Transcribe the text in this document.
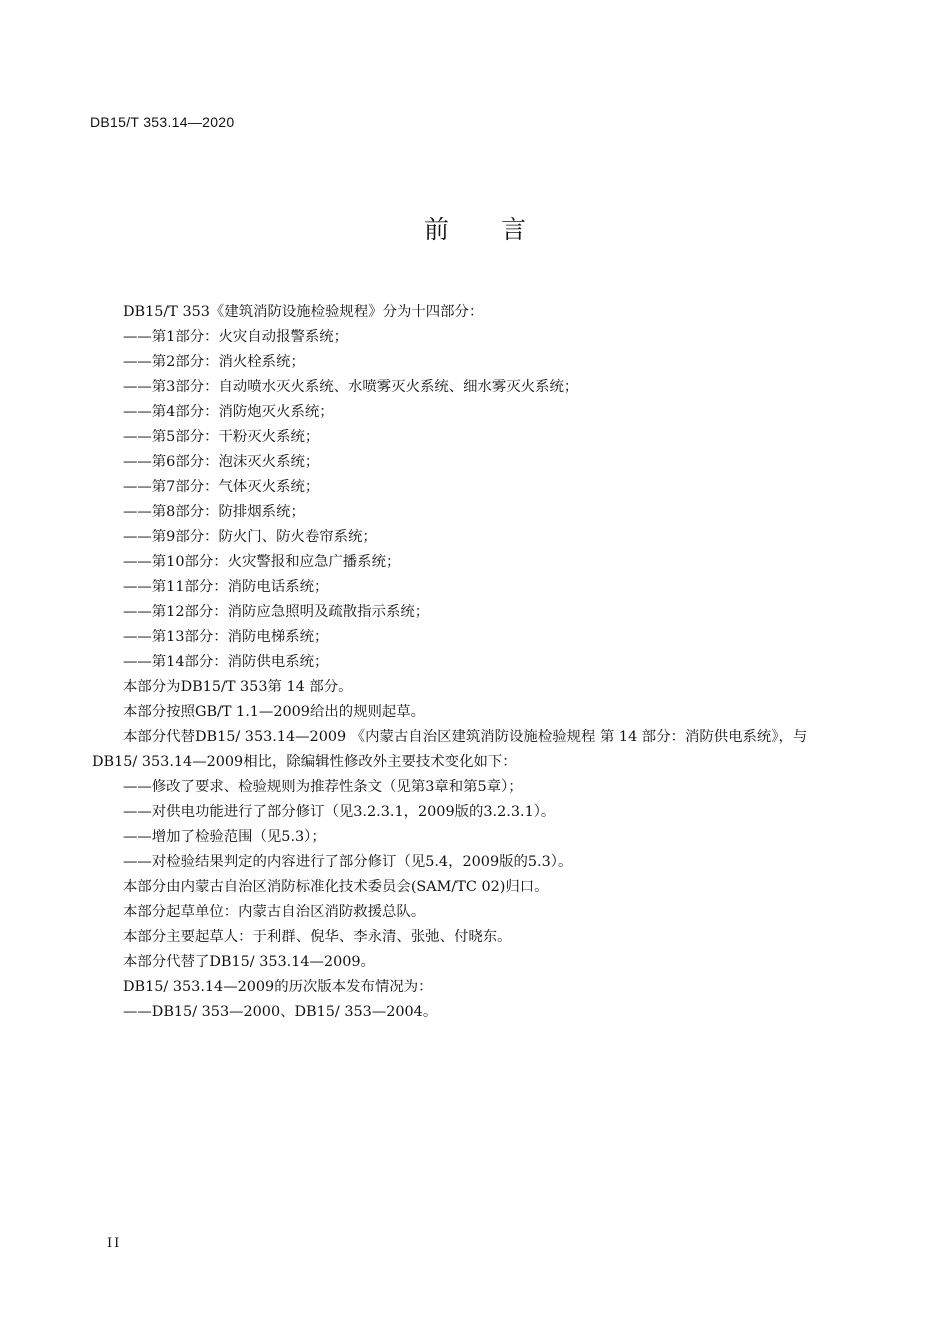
DB15/T 353.14—2020
前言
DB15/T 353《建筑消防设施检验规程》分为十四部分：
——第1部分：火灾自动报警系统；
——第2部分：消火栓系统；
——第3部分：自动喷水灭火系统、水喷雾灭火系统、细水雾灭火系统；
——第4部分：消防炮灭火系统；
——第5部分：干粉灭火系统；
——第6部分：泡沫灭火系统；
——第7部分：气体灭火系统；
——第8部分：防排烟系统；
——第9部分：防火门、防火卷帘系统；
——第10部分：火灾警报和应急广播系统；
——第11部分：消防电话系统；
——第12部分：消防应急照明及疏散指示系统；
——第13部分：消防电梯系统；
——第14部分：消防供电系统；
本部分为DB15/T 353第 14 部分。
本部分按照GB/T 1.1—2009给出的规则起草。
本部分代替DB15/ 353.14—2009 《内蒙古自治区建筑消防设施检验规程 第 14 部分：消防供电系统》，与DB15/ 353.14—2009相比，除编辑性修改外主要技术变化如下：
——修改了要求、检验规则为推荐性条文（见第3章和第5章）；
——对供电功能进行了部分修订（见3.2.3.1，2009版的3.2.3.1）。
——增加了检验范围（见5.3）；
——对检验结果判定的内容进行了部分修订（见5.4，2009版的5.3）。
本部分由内蒙古自治区消防标准化技术委员会(SAM/TC 02)归口。
本部分起草单位：内蒙古自治区消防救援总队。
本部分主要起草人：于利群、倪华、李永清、张弛、付晓东。
本部分代替了DB15/ 353.14—2009。
DB15/ 353.14—2009的历次版本发布情况为：
——DB15/ 353—2000、DB15/ 353—2004。
II
